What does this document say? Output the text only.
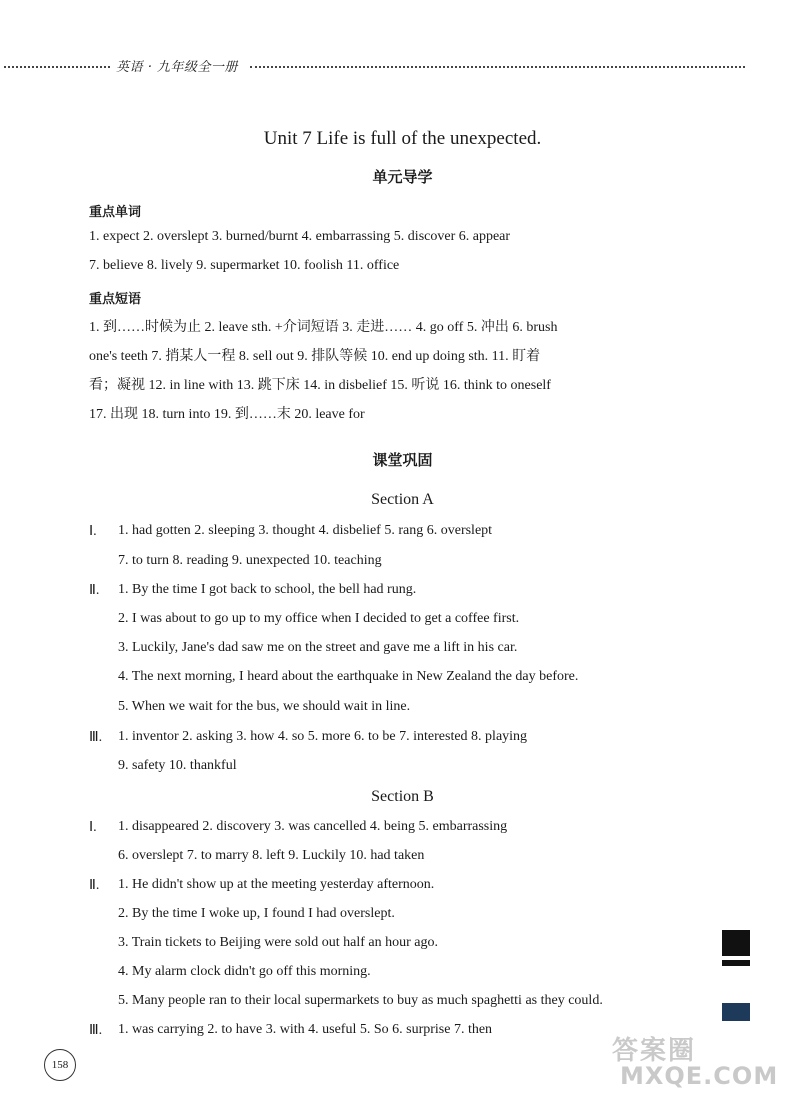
英语 · 九年级全一册
Unit 7 Life is full of the unexpected.
单元导学
重点单词
1. expect 2. overslept 3. burned/burnt 4. embarrassing 5. discover 6. appear
7. believe 8. lively 9. supermarket 10. foolish 11. office
重点短语
1. 到……时候为止 2. leave sth. +介词短语 3. 走进…… 4. go off 5. 冲出 6. brush
one's teeth 7. 捎某人一程 8. sell out 9. 排队等候 10. end up doing sth. 11. 盯着
看；凝视 12. in line with 13. 跳下床 14. in disbelief 15. 听说 16. think to oneself
17. 出现 18. turn into 19. 到……末 20. leave for
课堂巩固
Section A
Ⅰ. 1. had gotten 2. sleeping 3. thought 4. disbelief 5. rang 6. overslept
7. to turn 8. reading 9. unexpected 10. teaching
Ⅱ. 1. By the time I got back to school, the bell had rung.
2. I was about to go up to my office when I decided to get a coffee first.
3. Luckily, Jane's dad saw me on the street and gave me a lift in his car.
4. The next morning, I heard about the earthquake in New Zealand the day before.
5. When we wait for the bus, we should wait in line.
Ⅲ. 1. inventor 2. asking 3. how 4. so 5. more 6. to be 7. interested 8. playing
9. safety 10. thankful
Section B
Ⅰ. 1. disappeared 2. discovery 3. was cancelled 4. being 5. embarrassing
6. overslept 7. to marry 8. left 9. Luckily 10. had taken
Ⅱ. 1. He didn't show up at the meeting yesterday afternoon.
2. By the time I woke up, I found I had overslept.
3. Train tickets to Beijing were sold out half an hour ago.
4. My alarm clock didn't go off this morning.
5. Many people ran to their local supermarkets to buy as much spaghetti as they could.
Ⅲ. 1. was carrying 2. to have 3. with 4. useful 5. So 6. surprise 7. then
158	答案圈
MXQE.COM
